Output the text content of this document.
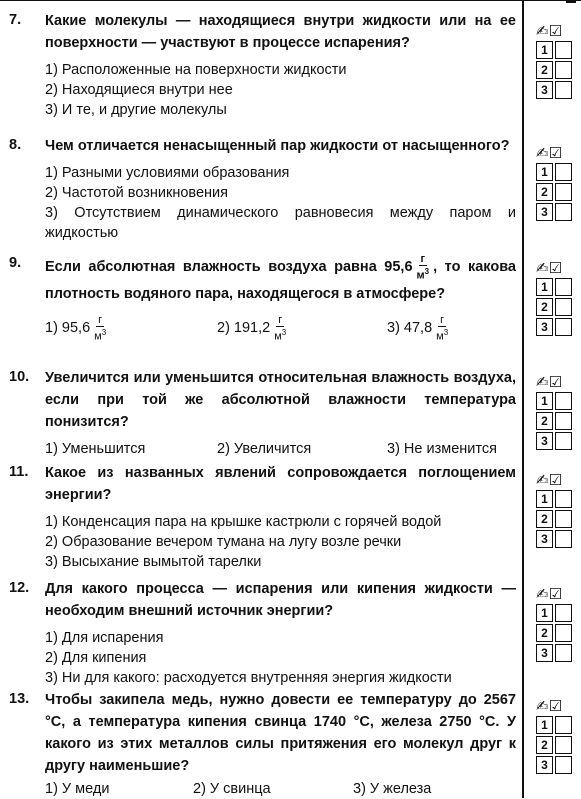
7. Какие молекулы — находящиеся внутри жидкости или на ее поверхности — участвуют в процессе испарения?
1) Расположенные на поверхности жидкости
2) Находящиеся внутри нее
3) И те, и другие молекулы
8. Чем отличается ненасыщенный пар жидкости от насыщенного?
1) Разными условиями образования
2) Частотой возникновения
3) Отсутствием динамического равновесия между паром и жидкостью
9. Если абсолютная влажность воздуха равна $95,6 \frac{г}{м^3}$ , то какова плотность водяного пара, находящегося в атмосфере?
1) $95,6 \frac{г}{м^3}$	2) $191,2 \frac{г}{м^3}$	3) $47,8 \frac{г}{м^3}$
10. Увеличится или уменьшится относительная влажность воздуха, если при той же абсолютной влажности температура понизится?
1) Уменьшится	2) Увеличится	3) Не изменится
11. Какое из названных явлений сопровождается поглощением энергии?
1) Конденсация пара на крышке кастрюли с горячей водой
2) Образование вечером тумана на лугу возле речки
3) Высыхание вымытой тарелки
12. Для какого процесса — испарения или кипения жидкости — необходим внешний источник энергии?
1) Для испарения
2) Для кипения
3) Ни для какого: расходуется внутренняя энергия жидкости
13. Чтобы закипела медь, нужно довести ее температуру до 2567 °C, а температура кипения свинца 1740 °C, железа 2750 °C. У какого из этих металлов силы притяжения его молекул друг к другу наименьшие?
1) У меди	2) У свинца	3) У железа
✍☑
1
2
3
✍☑
1
2
3
✍☑
1
2
3
✍☑
1
2
3
✍☑
1
2
3
✍☑
1
2
3
✍☑
1
2
3
